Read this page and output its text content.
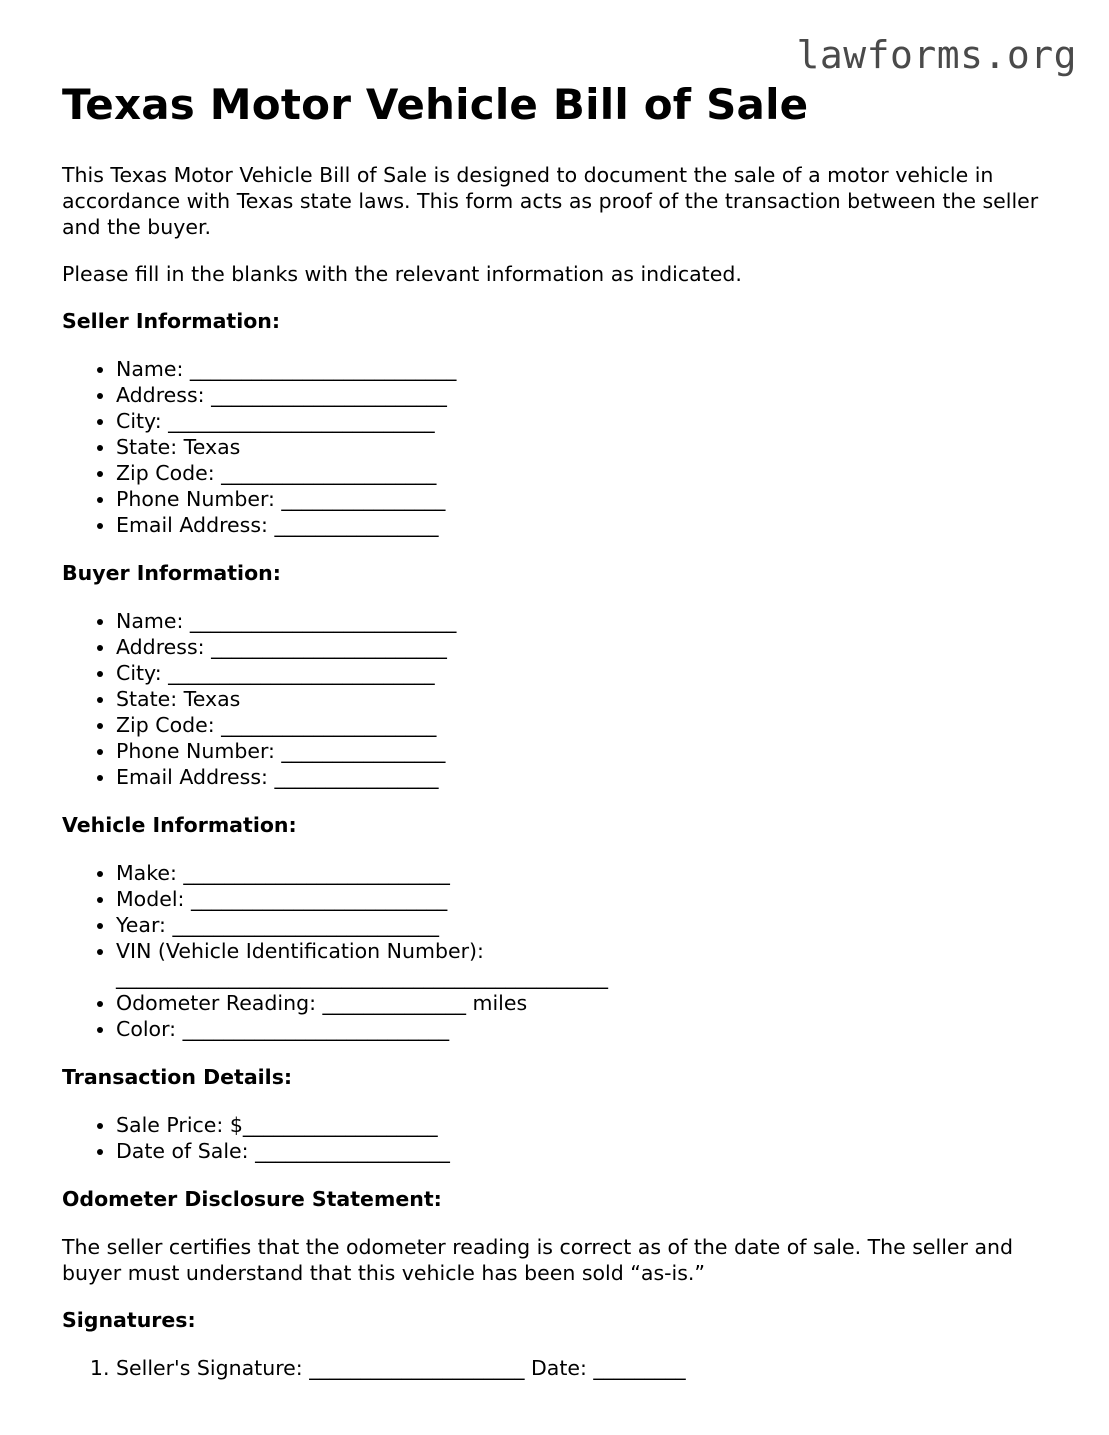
lawforms.org
Texas Motor Vehicle Bill of Sale

This Texas Motor Vehicle Bill of Sale is designed to document the sale of a motor vehicle in accordance with Texas state laws. This form acts as proof of the transaction between the seller and the buyer.

Please fill in the blanks with the relevant information as indicated.

Seller Information:
• Name: __________________________
• Address: _______________________
• City: __________________________
• State: Texas
• Zip Code: _____________________
• Phone Number: ________________
• Email Address: ________________
Buyer Information:
• Name: __________________________
• Address: _______________________
• City: __________________________
• State: Texas
• Zip Code: _____________________
• Phone Number: ________________
• Email Address: ________________
Vehicle Information:
• Make: __________________________
• Model: _________________________
• Year: __________________________
• VIN (Vehicle Identification Number): ________________________________________________
• Odometer Reading: ______________ miles
• Color: __________________________
Transaction Details:
• Sale Price: $___________________
• Date of Sale: ___________________
Odometer Disclosure Statement:

The seller certifies that the odometer reading is correct as of the date of sale. The seller and buyer must understand that this vehicle has been sold “as-is.”

Signatures:
1. Seller's Signature: _____________________ Date: _________
